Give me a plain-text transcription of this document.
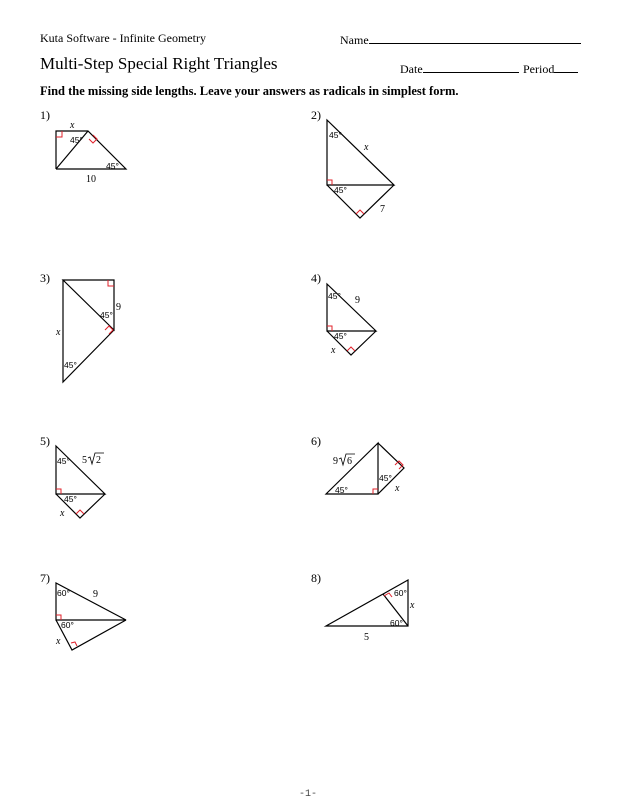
Kuta Software - Infinite Geometry	Name
Multi-Step Special Right Triangles	Date	Period
Find the missing side lengths. Leave your answers as radicals in simplest form.
1)	2)
3)	4)
5)	6)
7)	8)
x
45°
45°
10
45°
x
45°
7
9
45°
x
45°
45° 9
45°
x
45° 5 2
45°
x
9 6
45°
45°	x
60° 9
60°
x
60°
x
60°
5
-1-
